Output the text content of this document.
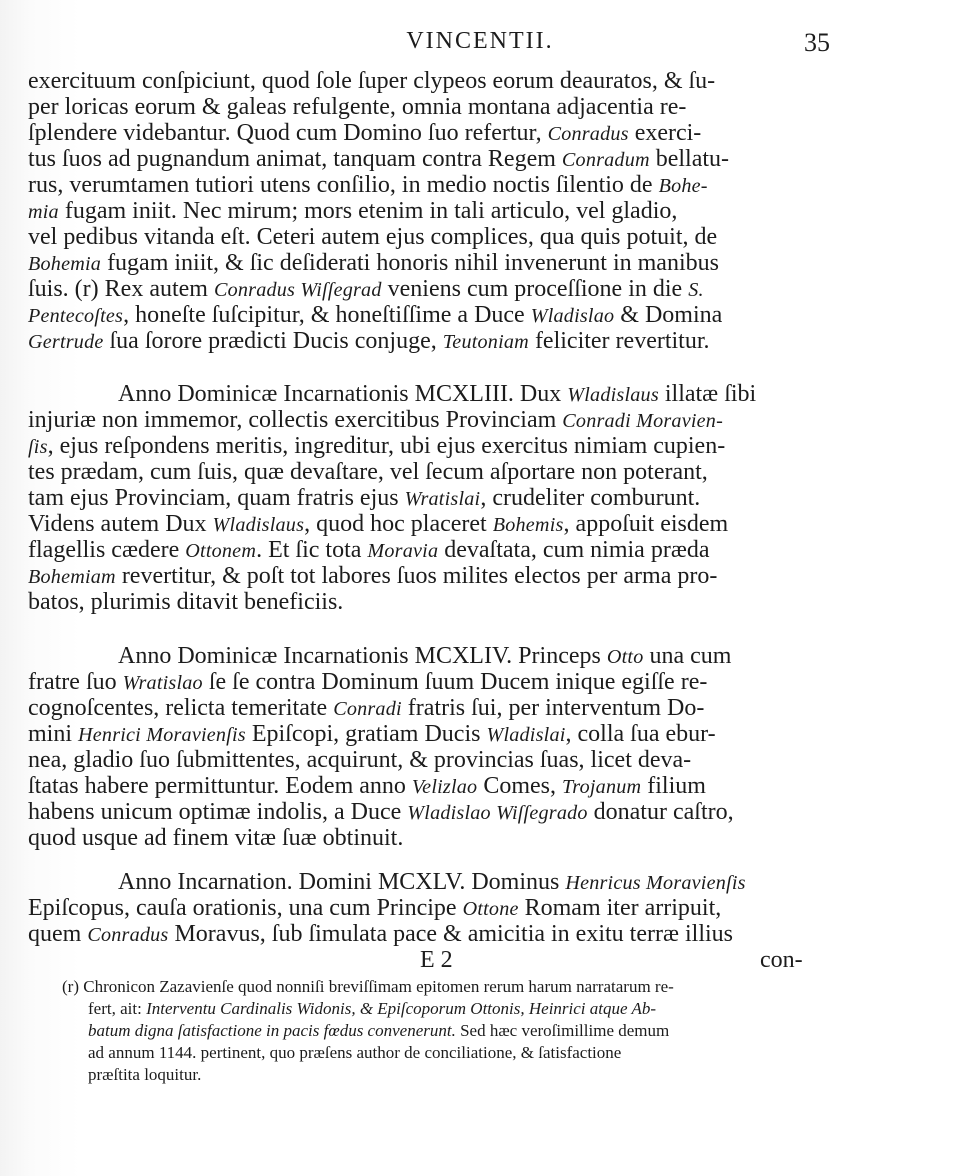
VINCENTII.	35
exercituum conſpiciunt, quod ſole ſuper clypeos eorum deauratos, & ſu-
per loricas eorum & galeas refulgente, omnia montana adjacentia re-
ſplendere videbantur. Quod cum Domino ſuo refertur, Conradus exerci-
tus ſuos ad pugnandum animat, tanquam contra Regem Conradum bellatu-
rus, verumtamen tutiori utens conſilio, in medio noctis ſilentio de Bohe-
mia fugam iniit. Nec mirum; mors etenim in tali articulo, vel gladio,
vel pedibus vitanda eſt. Ceteri autem ejus complices, qua quis potuit, de
Bohemia fugam iniit, & ſic deſiderati honoris nihil invenerunt in manibus
ſuis. (r) Rex autem Conradus Wiſſegrad veniens cum proceſſione in die S.
Pentecoſtes, honeſte ſuſcipitur, & honeſtiſſime a Duce Wladislao & Domina
Gertrude ſua ſorore prædicti Ducis conjuge, Teutoniam feliciter revertitur.
Anno Dominicæ Incarnationis MCXLIII. Dux Wladislaus illatæ ſibi
injuriæ non immemor, collectis exercitibus Provinciam Conradi Moravien-
ſis, ejus reſpondens meritis, ingreditur, ubi ejus exercitus nimiam cupien-
tes prædam, cum ſuis, quæ devaſtare, vel ſecum aſportare non poterant,
tam ejus Provinciam, quam fratris ejus Wratislai, crudeliter comburunt.
Videns autem Dux Wladislaus, quod hoc placeret Bohemis, appoſuit eisdem
flagellis cædere Ottonem. Et ſic tota Moravia devaſtata, cum nimia præda
Bohemiam revertitur, & poſt tot labores ſuos milites electos per arma pro-
batos, plurimis ditavit beneficiis.
Anno Dominicæ Incarnationis MCXLIV. Princeps Otto una cum
fratre ſuo Wratislao ſe ſe contra Dominum ſuum Ducem inique egiſſe re-
cognoſcentes, relicta temeritate Conradi fratris ſui, per interventum Do-
mini Henrici Moravienſis Epiſcopi, gratiam Ducis Wladislai, colla ſua ebur-
nea, gladio ſuo ſubmittentes, acquirunt, & provincias ſuas, licet deva-
ſtatas habere permittuntur. Eodem anno Velizlao Comes, Trojanum filium
habens unicum optimæ indolis, a Duce Wladislao Wiſſegrado donatur caſtro,
quod usque ad finem vitæ ſuæ obtinuit.
Anno Incarnation. Domini MCXLV. Dominus Henricus Moravienſis
Epiſcopus, cauſa orationis, una cum Principe Ottone Romam iter arripuit,
quem Conradus Moravus, ſub ſimulata pace & amicitia in exitu terræ illius
E 2	con-
(r) Chronicon Zazavienſe quod nonniſi breviſſimam epitomen rerum harum narratarum re-
fert, ait: Interventu Cardinalis Widonis, & Epiſcoporum Ottonis, Heinrici atque Ab-
batum digna ſatisfactione in pacis fœdus convenerunt. Sed hæc veroſimillime demum
ad annum 1144. pertinent, quo præſens author de conciliatione, & ſatisfactione
præſtita loquitur.
